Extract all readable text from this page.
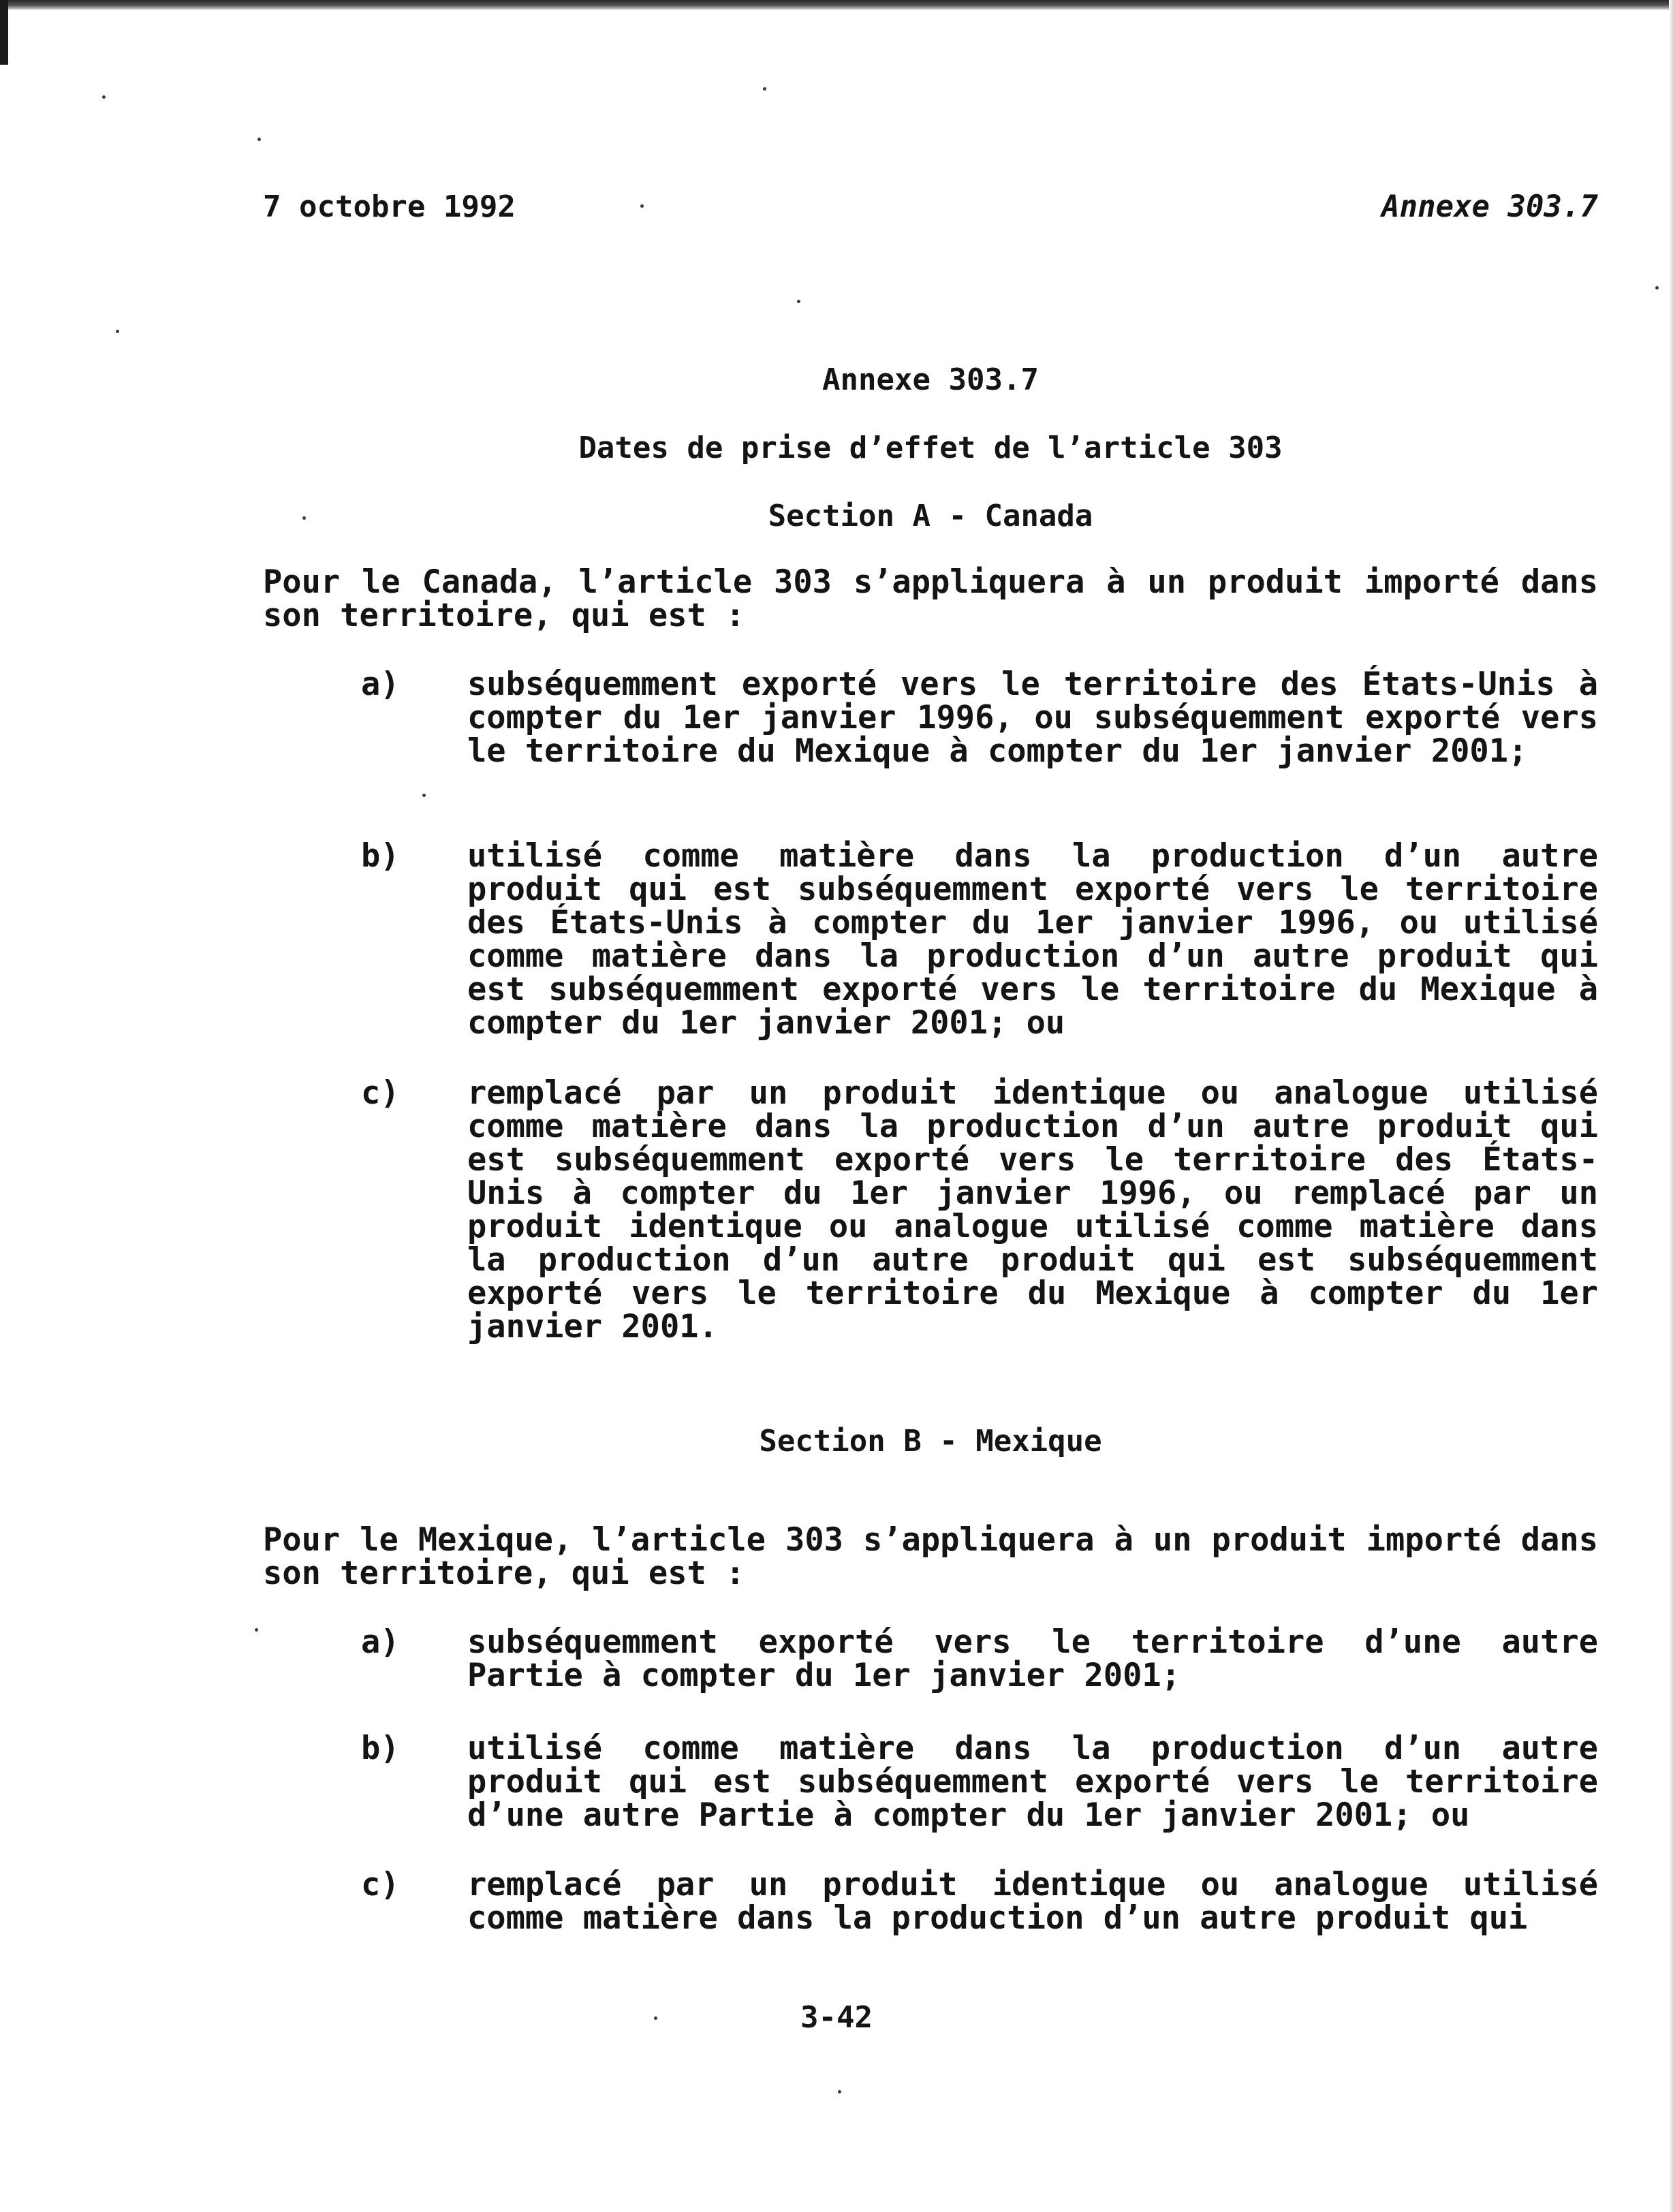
7 octobre 1992	Annexe 303.7
Annexe 303.7
Dates de prise d’effet de l’article 303
Section A - Canada
Pour le Canada, l’article 303 s’appliquera à un produit importé dans son territoire, qui est :
a) subséquemment exporté vers le territoire des États-Unis à compter du 1er janvier 1996, ou subséquemment exporté vers le territoire du Mexique à compter du 1er janvier 2001;
b) utilisé comme matière dans la production d’un autre produit qui est subséquemment exporté vers le territoire des États-Unis à compter du 1er janvier 1996, ou utilisé comme matière dans la production d’un autre produit qui est subséquemment exporté vers le territoire du Mexique à compter du 1er janvier 2001; ou
c) remplacé par un produit identique ou analogue utilisé comme matière dans la production d’un autre produit qui est subséquemment exporté vers le territoire des États-Unis à compter du 1er janvier 1996, ou remplacé par un produit identique ou analogue utilisé comme matière dans la production d’un autre produit qui est subséquemment exporté vers le territoire du Mexique à compter du 1er janvier 2001.
Section B - Mexique
Pour le Mexique, l’article 303 s’appliquera à un produit importé dans son territoire, qui est :
a) subséquemment exporté vers le territoire d’une autre Partie à compter du 1er janvier 2001;
b) utilisé comme matière dans la production d’un autre produit qui est subséquemment exporté vers le territoire d’une autre Partie à compter du 1er janvier 2001; ou
c) remplacé par un produit identique ou analogue utilisé comme matière dans la production d’un autre produit qui
3-42
